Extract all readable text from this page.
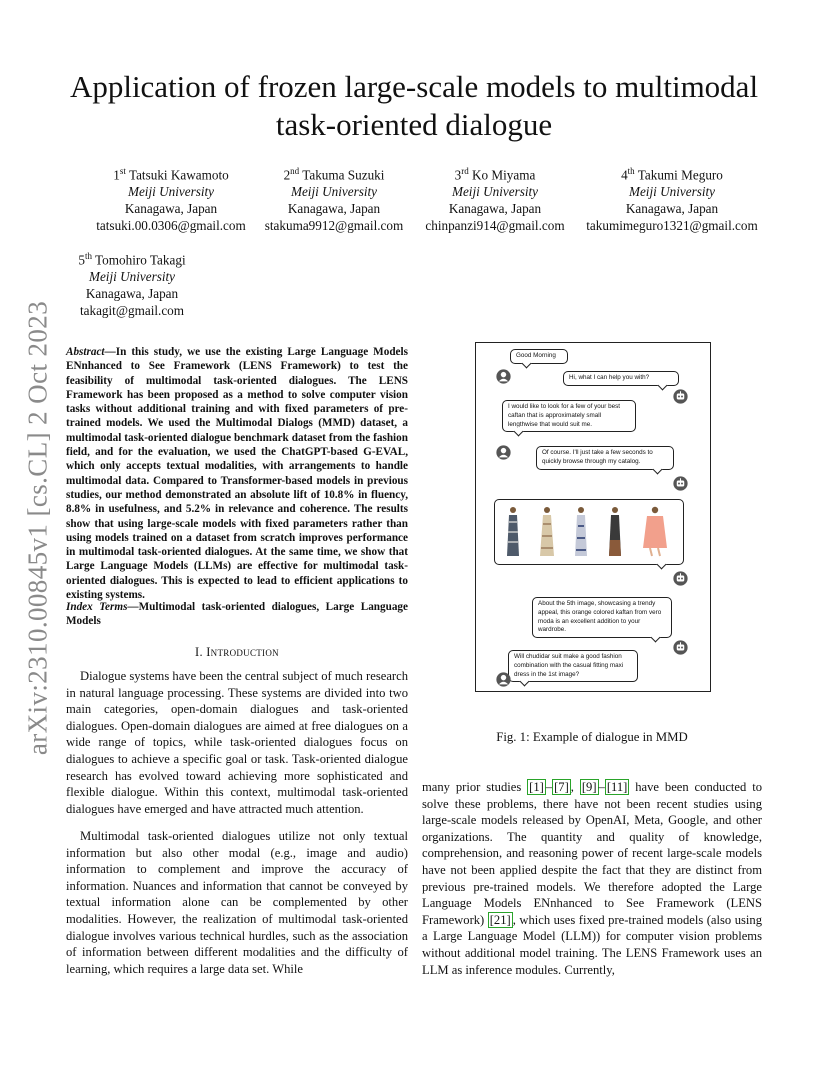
arXiv:2310.00845v1 [cs.CL] 2 Oct 2023
Application of frozen large-scale models to multimodal task-oriented dialogue
1st Tatsuki Kawamoto
Meiji University
Kanagawa, Japan
tatsuki.00.0306@gmail.com
2nd Takuma Suzuki
Meiji University
Kanagawa, Japan
stakuma9912@gmail.com
3rd Ko Miyama
Meiji University
Kanagawa, Japan
chinpanzi914@gmail.com
4th Takumi Meguro
Meiji University
Kanagawa, Japan
takumimeguro1321@gmail.com
5th Tomohiro Takagi
Meiji University
Kanagawa, Japan
takagit@gmail.com
Abstract—In this study, we use the existing Large Language Models ENnhanced to See Framework (LENS Framework) to test the feasibility of multimodal task-oriented dialogues. The LENS Framework has been proposed as a method to solve computer vision tasks without additional training and with fixed parameters of pre-trained models. We used the Multimodal Dialogs (MMD) dataset, a multimodal task-oriented dialogue benchmark dataset from the fashion field, and for the evaluation, we used the ChatGPT-based G-EVAL, which only accepts textual modalities, with arrangements to handle multimodal data. Compared to Transformer-based models in previous studies, our method demonstrated an absolute lift of 10.8% in fluency, 8.8% in usefulness, and 5.2% in relevance and coherence. The results show that using large-scale models with fixed parameters rather than using models trained on a dataset from scratch improves performance in multimodal task-oriented dialogues. At the same time, we show that Large Language Models (LLMs) are effective for multimodal task-oriented dialogues. This is expected to lead to efficient applications to existing systems.
Index Terms—Multimodal task-oriented dialogues, Large Language Models
I. Introduction

Dialogue systems have been the central subject of much research in natural language processing. These systems are divided into two main categories, open-domain dialogues and task-oriented dialogues. Open-domain dialogues are aimed at free dialogues on a wide range of topics, while task-oriented dialogues focus on dialogues to achieve a specific goal or task. Task-oriented dialogue research has evolved toward achieving more sophisticated and flexible dialogue. Within this context, multimodal task-oriented dialogues have emerged and have attracted much attention.

Multimodal task-oriented dialogues utilize not only textual information but also other modal (e.g., image and audio) information to complement and improve the accuracy of information. Nuances and information that cannot be conveyed by textual information alone can be complemented by other modalities. However, the realization of multimodal task-oriented dialogue involves various technical hurdles, such as the association of information between different modalities and the difficulty of learning, which requires a large data set. While

many prior studies [1] – [7] , [9] – [11] have been conducted to solve these problems, there have not been recent studies using large-scale models released by OpenAI, Meta, Google, and other organizations. The quantity and quality of knowledge, comprehension, and reasoning power of recent large-scale models have not been applied despite the fact that they are distinct from previous pre-trained models. We therefore adopted the Large Language Models ENnhanced to See Framework (LENS Framework) [21] , which uses fixed pre-trained models (also using a Large Language Model (LLM)) for computer vision problems without additional model training. The LENS Framework uses an LLM as inference modules. Currently,

Good Morning
Hi, what I can help you with?
I would like to look for a few of your best caftan that is approximately small lengthwise that would suit me.
Of course. I'll just take a few seconds to quickly browse through my catalog.
About the 5th image, showcasing a trendy appeal, this orange colored kaftan from vero moda is an excellent addition to your wardrobe.
Will chudidar suit make a good fashion combination with the casual fitting maxi dress in the 1st image?
Fig. 1: Example of dialogue in MMD
